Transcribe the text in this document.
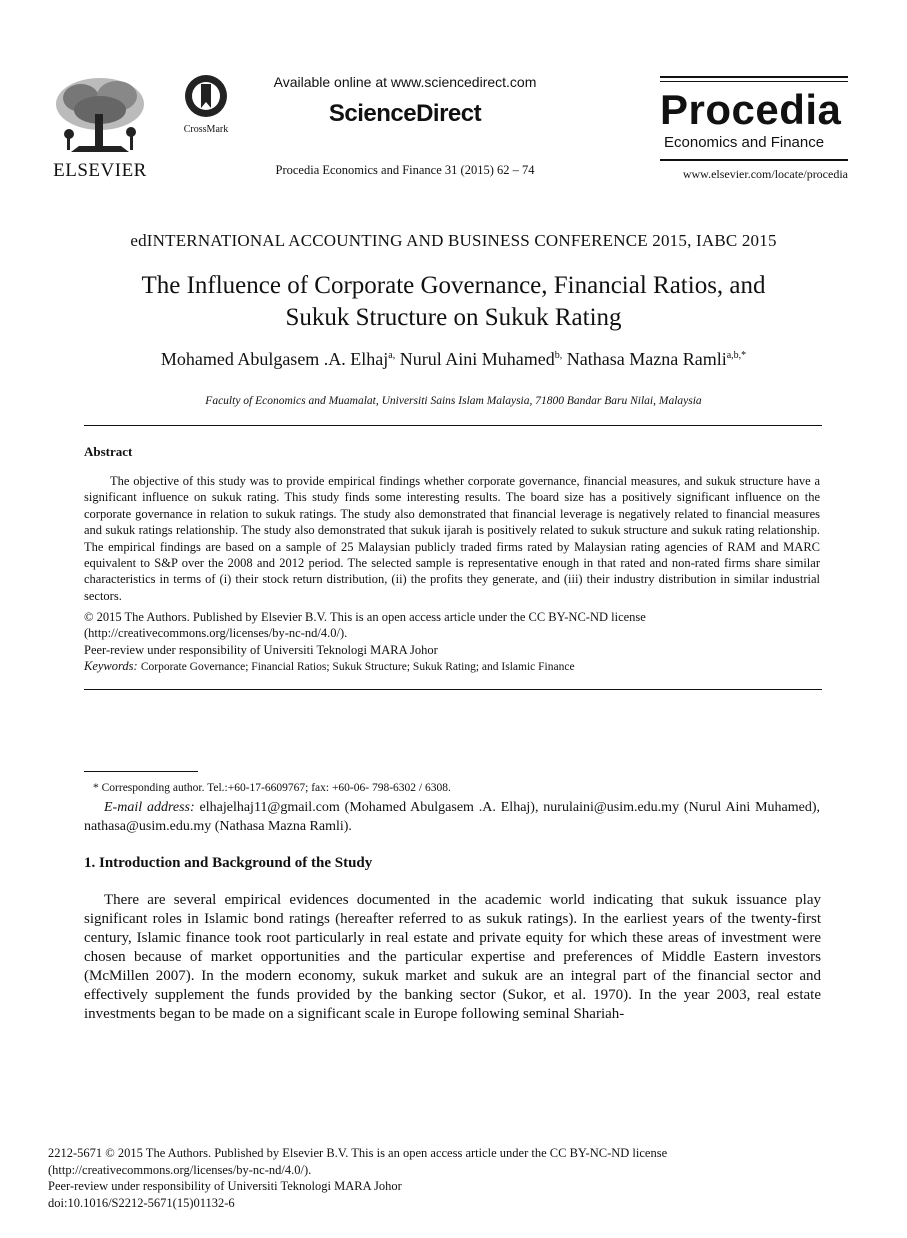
ELSEVIER
CrossMark
Available online at www.sciencedirect.com
ScienceDirect
Procedia Economics and Finance 31 (2015) 62 – 74
Procedia
Economics and Finance
www.elsevier.com/locate/procedia
edINTERNATIONAL ACCOUNTING AND BUSINESS CONFERENCE 2015, IABC 2015
The Influence of Corporate Governance, Financial Ratios, and
Sukuk Structure on Sukuk Rating
Mohamed Abulgasem .A. Elhaj$^{a,}$ Nurul Aini Muhamed$^{b,}$ Nathasa Mazna Ramli$^{a,b,*}$
Faculty of Economics and Muamalat, Universiti Sains Islam Malaysia, 71800 Bandar Baru Nilai, Malaysia
Abstract
The objective of this study was to provide empirical findings whether corporate governance, financial measures, and sukuk structure have a significant influence on sukuk rating. This study finds some interesting results. The board size has a positively significant influence on the corporate governance in relation to sukuk ratings. The study also demonstrated that financial leverage is negatively related to financial measures and sukuk ratings relationship. The study also demonstrated that sukuk ijarah is positively related to sukuk structure and sukuk rating relationship. The empirical findings are based on a sample of 25 Malaysian publicly traded firms rated by Malaysian rating agencies of RAM and MARC equivalent to S&P over the 2008 and 2012 period. The selected sample is representative enough in that rated and non-rated firms share similar characteristics in terms of (i) their stock return distribution, (ii) the profits they generate, and (iii) their industry distribution in similar industrial sectors.
© 2015 The Authors. Published by Elsevier B.V. This is an open access article under the CC BY-NC-ND license
(http://creativecommons.org/licenses/by-nc-nd/4.0/).
Peer-review under responsibility of Universiti Teknologi MARA Johor
Keywords: Corporate Governance; Financial Ratios; Sukuk Structure; Sukuk Rating; and Islamic Finance
* Corresponding author. Tel.:+60-17-6609767; fax: +60-06- 798-6302 / 6308.
E-mail address: elhajelhaj11@gmail.com (Mohamed Abulgasem .A. Elhaj), nurulaini@usim.edu.my (Nurul Aini Muhamed), nathasa@usim.edu.my (Nathasa Mazna Ramli).
1. Introduction and Background of the Study
There are several empirical evidences documented in the academic world indicating that sukuk issuance play significant roles in Islamic bond ratings (hereafter referred to as sukuk ratings). In the earliest years of the twenty-first century, Islamic finance took root particularly in real estate and private equity for which these areas of investment were chosen because of market opportunities and the particular expertise and preferences of Middle Eastern investors (McMillen 2007). In the modern economy, sukuk market and sukuk are an integral part of the financial sector and effectively supplement the funds provided by the banking sector (Sukor, et al. 1970). In the year 2003, real estate investments began to be made on a significant scale in Europe following seminal Shariah-
2212-5671 © 2015 The Authors. Published by Elsevier B.V. This is an open access article under the CC BY-NC-ND license
(http://creativecommons.org/licenses/by-nc-nd/4.0/).
Peer-review under responsibility of Universiti Teknologi MARA Johor
doi:10.1016/S2212-5671(15)01132-6
